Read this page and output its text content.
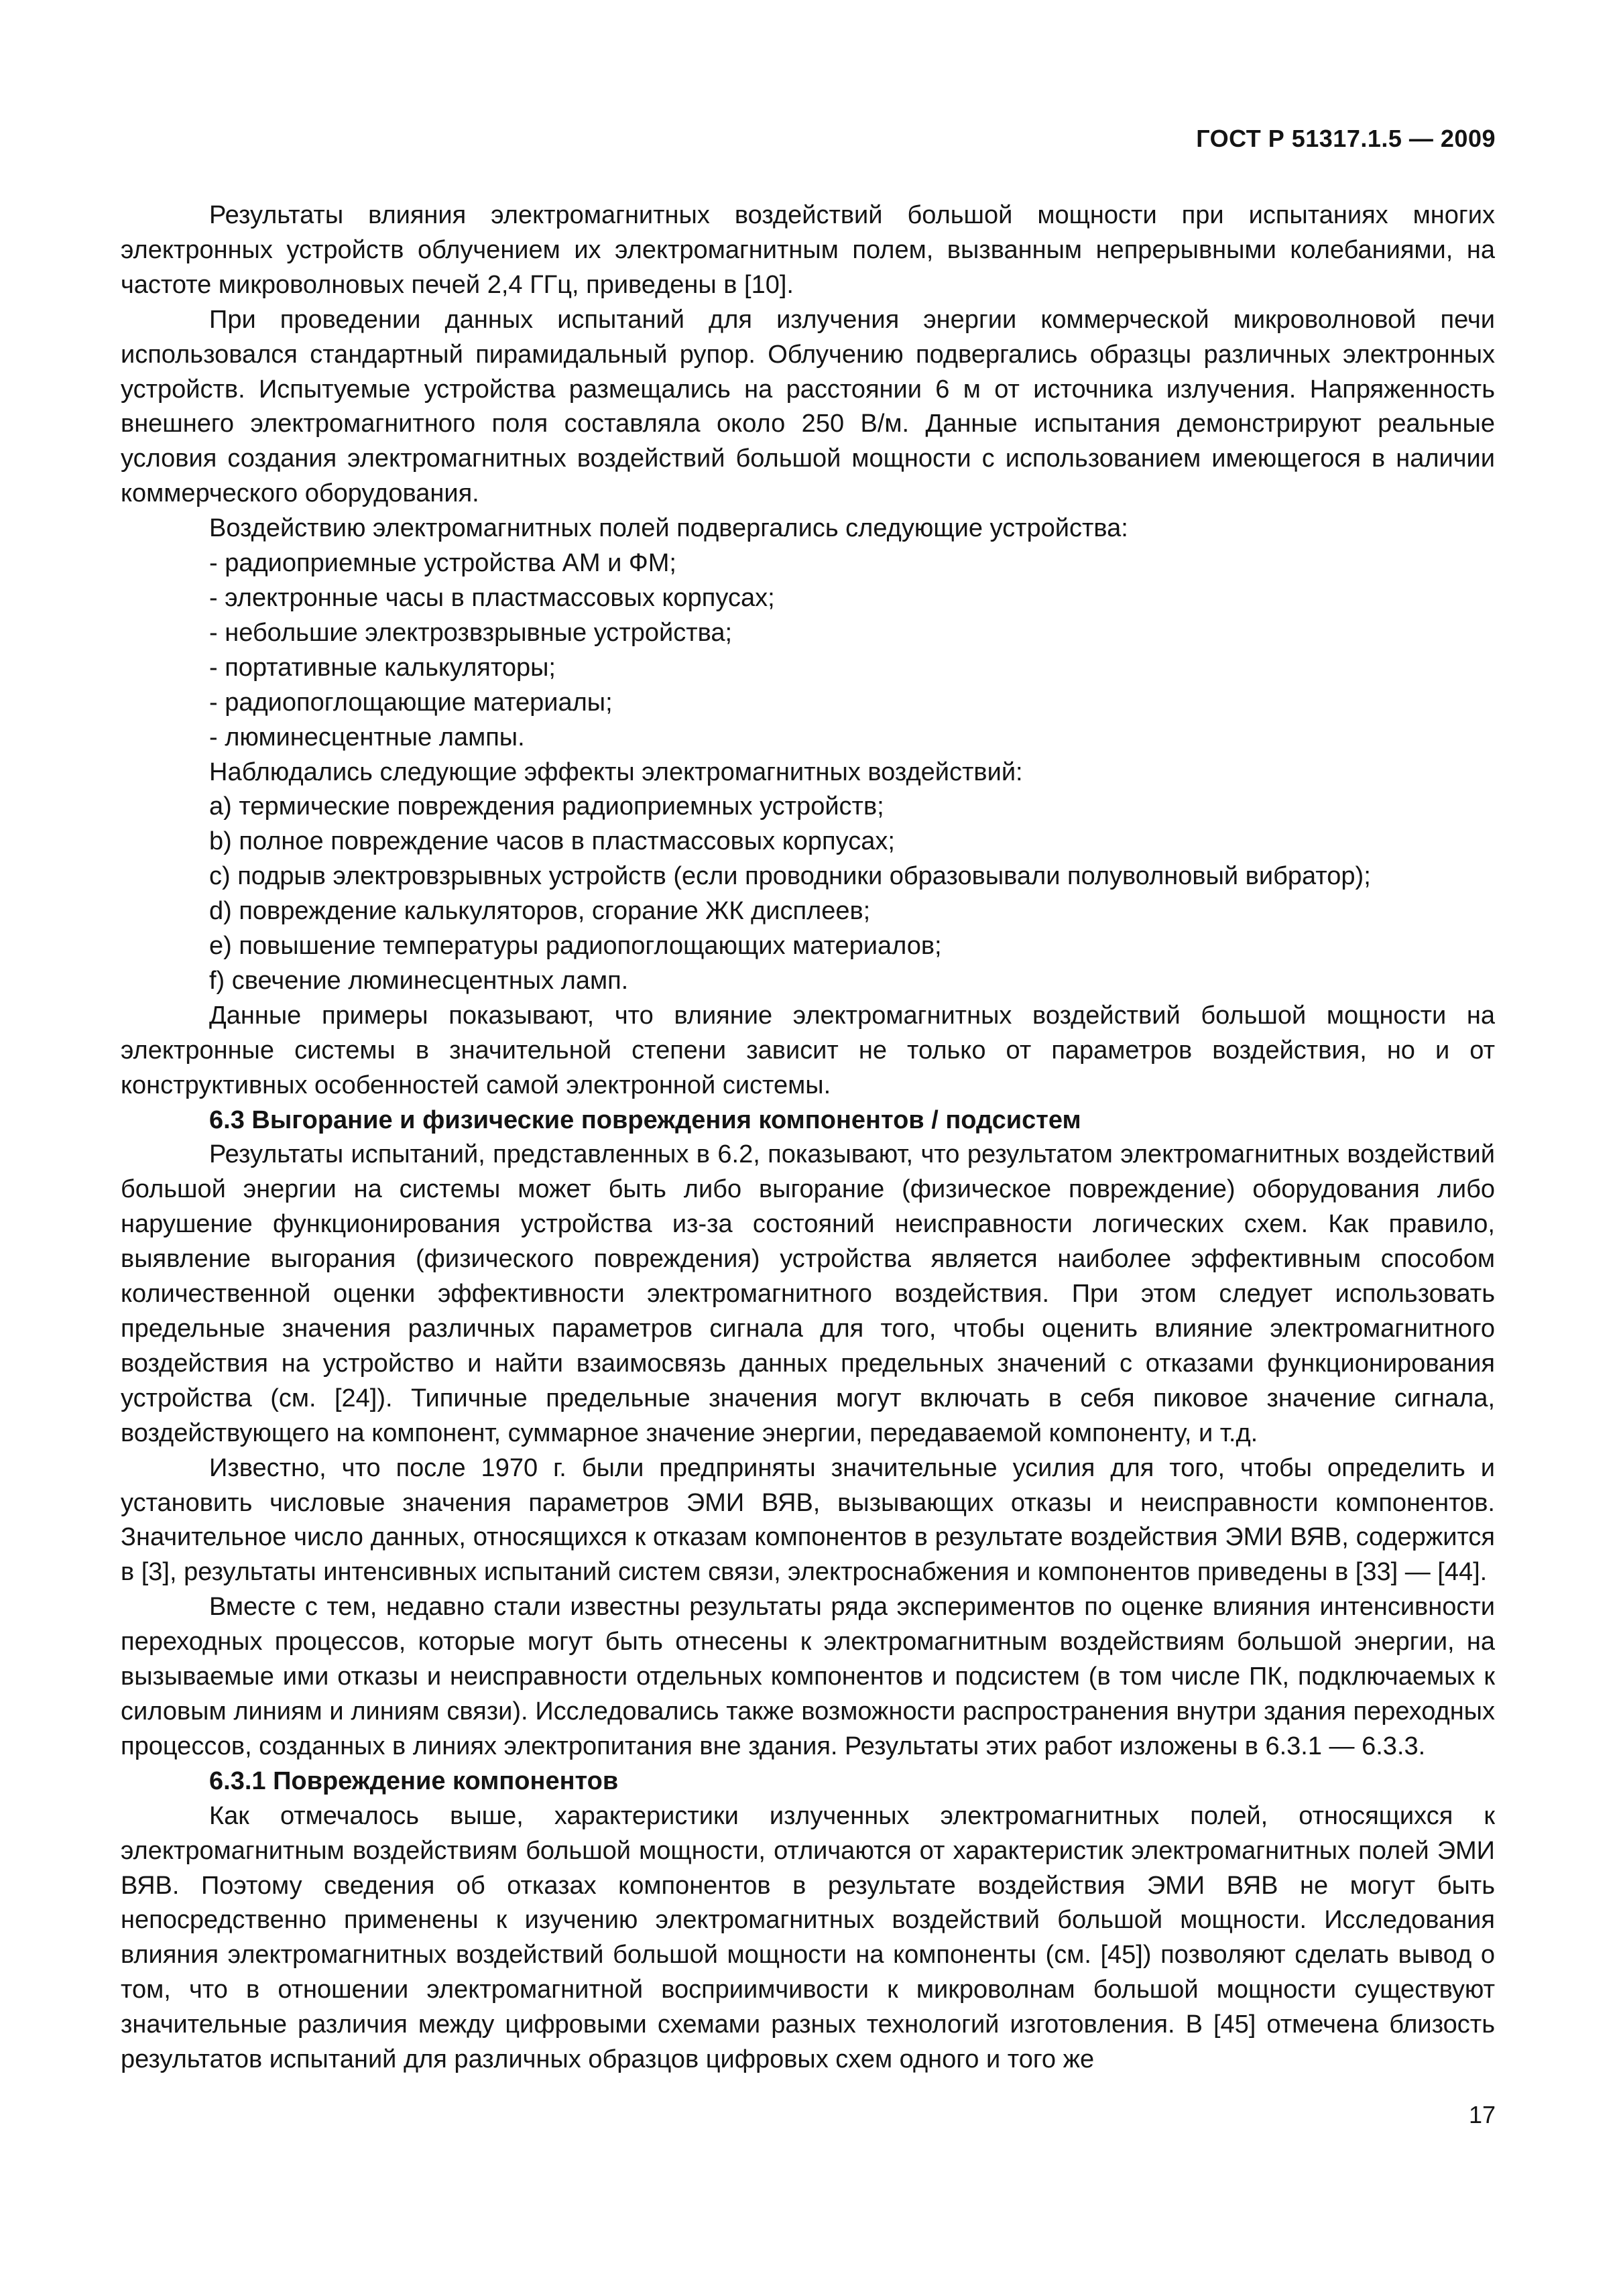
ГОСТ Р 51317.1.5 — 2009

Результаты влияния электромагнитных воздействий большой мощности при испытаниях многих электронных устройств облучением их электромагнитным полем, вызванным непрерывными колебаниями, на частоте микроволновых печей 2,4 ГГц, приведены в [10].

При проведении данных испытаний для излучения энергии коммерческой микроволновой печи использовался стандартный пирамидальный рупор. Облучению подвергались образцы различных электронных устройств. Испытуемые устройства размещались на расстоянии 6 м от источника излучения. Напряженность внешнего электромагнитного поля составляла около 250 В/м. Данные испытания демонстрируют реальные условия создания электромагнитных воздействий большой мощности с использованием имеющегося в наличии коммерческого оборудования.

Воздействию электромагнитных полей подвергались следующие устройства:

- радиоприемные устройства АМ и ФМ;

- электронные часы в пластмассовых корпусах;

- небольшие электрозвзрывные устройства;

- портативные калькуляторы;

- радиопоглощающие материалы;

- люминесцентные лампы.

Наблюдались следующие эффекты электромагнитных воздействий:

a) термические повреждения радиоприемных устройств;

b) полное повреждение часов в пластмассовых корпусах;

c) подрыв электровзрывных устройств (если проводники образовывали полуволновый вибратор);

d) повреждение калькуляторов, сгорание ЖК дисплеев;

e) повышение температуры радиопоглощающих материалов;

f) свечение люминесцентных ламп.

Данные примеры показывают, что влияние электромагнитных воздействий большой мощности на электронные системы в значительной степени зависит не только от параметров воздействия, но и от конструктивных особенностей самой электронной системы.

6.3 Выгорание и физические повреждения компонентов / подсистем

Результаты испытаний, представленных в 6.2, показывают, что результатом электромагнитных воздействий большой энергии на системы может быть либо выгорание (физическое повреждение) оборудования либо нарушение функционирования устройства из-за состояний неисправности логических схем. Как правило, выявление выгорания (физического повреждения) устройства является наиболее эффективным способом количественной оценки эффективности электромагнитного воздействия. При этом следует использовать предельные значения различных параметров сигнала для того, чтобы оценить влияние электромагнитного воздействия на устройство и найти взаимосвязь данных предельных значений с отказами функционирования устройства (см. [24]). Типичные предельные значения могут включать в себя пиковое значение сигнала, воздействующего на компонент, суммарное значение энергии, передаваемой компоненту, и т.д.

Известно, что после 1970 г. были предприняты значительные усилия для того, чтобы определить и установить числовые значения параметров ЭМИ ВЯВ, вызывающих отказы и неисправности компонентов. Значительное число данных, относящихся к отказам компонентов в результате воздействия ЭМИ ВЯВ, содержится в [3], результаты интенсивных испытаний систем связи, электроснабжения и компонентов приведены в [33] — [44].

Вместе с тем, недавно стали известны результаты ряда экспериментов по оценке влияния интенсивности переходных процессов, которые могут быть отнесены к электромагнитным воздействиям большой энергии, на вызываемые ими отказы и неисправности отдельных компонентов и подсистем (в том числе ПК, подключаемых к силовым линиям и линиям связи). Исследовались также возможности распространения внутри здания переходных процессов, созданных в линиях электропитания вне здания. Результаты этих работ изложены в 6.3.1 — 6.3.3.

6.3.1 Повреждение компонентов

Как отмечалось выше, характеристики излученных электромагнитных полей, относящихся к электромагнитным воздействиям большой мощности, отличаются от характеристик электромагнитных полей ЭМИ ВЯВ. Поэтому сведения об отказах компонентов в результате воздействия ЭМИ ВЯВ не могут быть непосредственно применены к изучению электромагнитных воздействий большой мощности. Исследования влияния электромагнитных воздействий большой мощности на компоненты (см. [45]) позволяют сделать вывод о том, что в отношении электромагнитной восприимчивости к микроволнам большой мощности существуют значительные различия между цифровыми схемами разных технологий изготовления. В [45] отмечена близость результатов испытаний для различных образцов цифровых схем одного и того же

17
